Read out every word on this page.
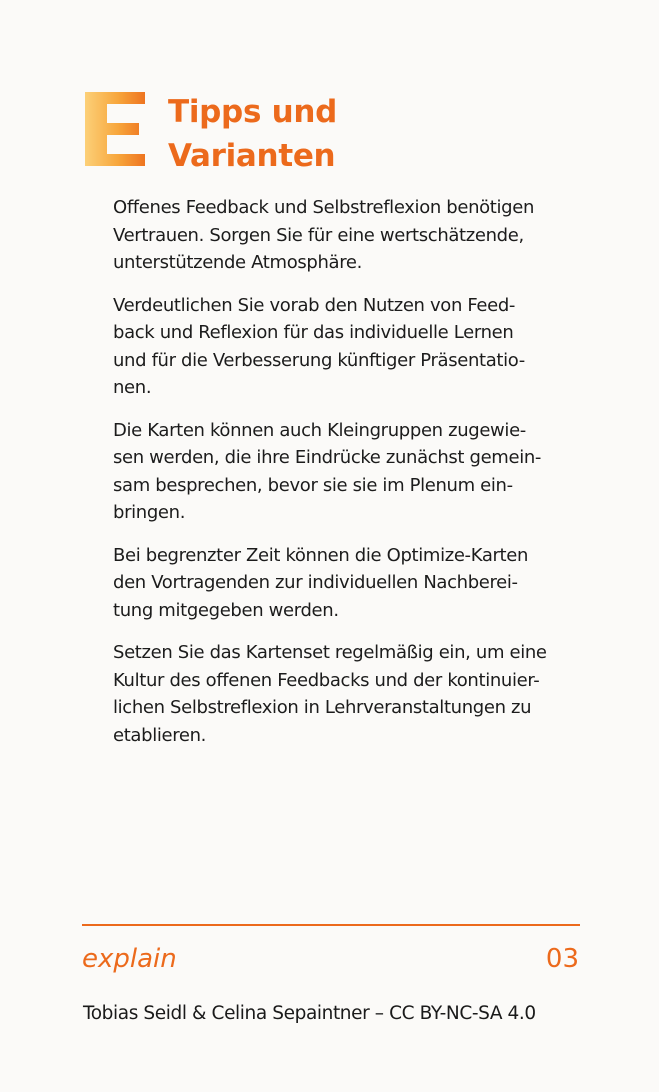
Tipps und
Varianten

Offenes Feedback und Selbstreflexion benötigen
Vertrauen. Sorgen Sie für eine wertschätzende,
unterstützende Atmosphäre.

Verdeutlichen Sie vorab den Nutzen von Feed-
back und Reflexion für das individuelle Lernen
und für die Verbesserung künftiger Präsentatio-
nen.

Die Karten können auch Kleingruppen zugewie-
sen werden, die ihre Eindrücke zunächst gemein-
sam besprechen, bevor sie sie im Plenum ein-
bringen.

Bei begrenzter Zeit können die Optimize-Karten
den Vortragenden zur individuellen Nachberei-
tung mitgegeben werden.

Setzen Sie das Kartenset regelmäßig ein, um eine
Kultur des offenen Feedbacks und der kontinuier-
lichen Selbstreflexion in Lehrveranstaltungen zu
etablieren.

explain	03
Tobias Seidl & Celina Sepaintner – CC BY-NC-SA 4.0
